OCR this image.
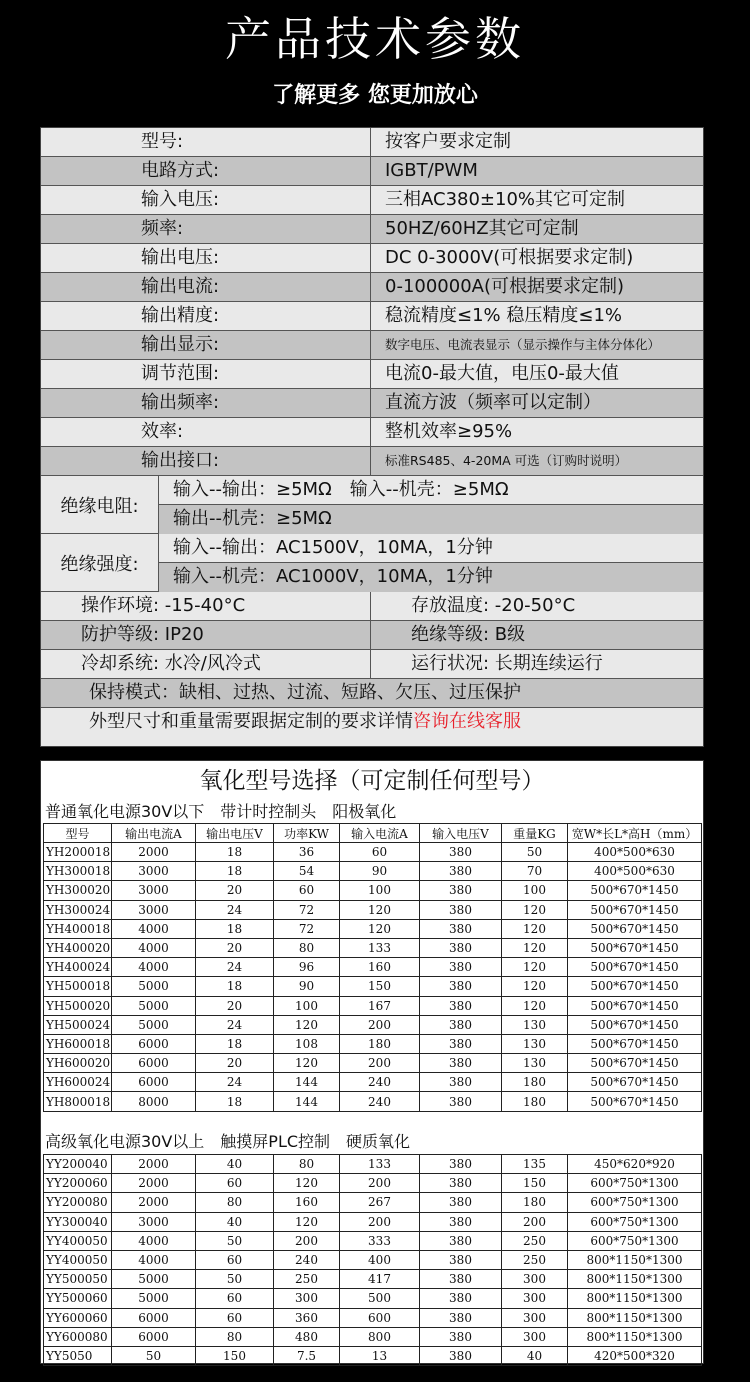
产品技术参数
了解更多 您更加放心
型号:	按客户要求定制
电路方式:	IGBT/PWM
输入电压:	三相AC380±10%其它可定制
频率:	50HZ/60HZ其它可定制
输出电压:	DC 0-3000V(可根据要求定制)
输出电流:	0-100000A(可根据要求定制)
输出精度:	稳流精度≤1% 稳压精度≤1%
输出显示:	数字电压、电流表显示（显示操作与主体分体化）
调节范围:	电流0-最大值，电压0-最大值
输出频率:	直流方波（频率可以定制）
效率:	整机效率≥95%
输出接口:	标准RS485、4-20MA 可选（订购时说明）
绝缘电阻:
输入--输出：≥5MΩ　输入--机壳：≥5MΩ
输出--机壳：≥5MΩ
绝缘强度:
输入--输出：AC1500V，10MA，1分钟
输入--机壳：AC1000V，10MA，1分钟
操作环境: -15-40°C	存放温度: -20-50°C
防护等级: IP20	绝缘等级: B级
冷却系统: 水冷/风冷式	运行状况: 长期连续运行
保持模式：缺相、过热、过流、短路、欠压、过压保护
外型尺寸和重量需要跟据定制的要求详情咨询在线客服
氧化型号选择（可定制任何型号）
普通氧化电源30V以下　带计时控制头　阳极氧化
型号	输出电流A	输出电压V	功率KW	输入电流A	输入电压V	重量KG	宽W*长L*高H（mm）
YH200018	2000	18	36	60	380	50	400*500*630
YH300018	3000	18	54	90	380	70	400*500*630
YH300020	3000	20	60	100	380	100	500*670*1450
YH300024	3000	24	72	120	380	120	500*670*1450
YH400018	4000	18	72	120	380	120	500*670*1450
YH400020	4000	20	80	133	380	120	500*670*1450
YH400024	4000	24	96	160	380	120	500*670*1450
YH500018	5000	18	90	150	380	120	500*670*1450
YH500020	5000	20	100	167	380	120	500*670*1450
YH500024	5000	24	120	200	380	130	500*670*1450
YH600018	6000	18	108	180	380	130	500*670*1450
YH600020	6000	20	120	200	380	130	500*670*1450
YH600024	6000	24	144	240	380	180	500*670*1450
YH800018	8000	18	144	240	380	180	500*670*1450
高级氧化电源30V以上　触摸屏PLC控制　硬质氧化
YY200040	2000	40	80	133	380	135	450*620*920
YY200060	2000	60	120	200	380	150	600*750*1300
YY200080	2000	80	160	267	380	180	600*750*1300
YY300040	3000	40	120	200	380	200	600*750*1300
YY400050	4000	50	200	333	380	250	600*750*1300
YY400050	4000	60	240	400	380	250	800*1150*1300
YY500050	5000	50	250	417	380	300	800*1150*1300
YY500060	5000	60	300	500	380	300	800*1150*1300
YY600060	6000	60	360	600	380	300	800*1150*1300
YY600080	6000	80	480	800	380	300	800*1150*1300
YY5050	50	150	7.5	13	380	40	420*500*320
